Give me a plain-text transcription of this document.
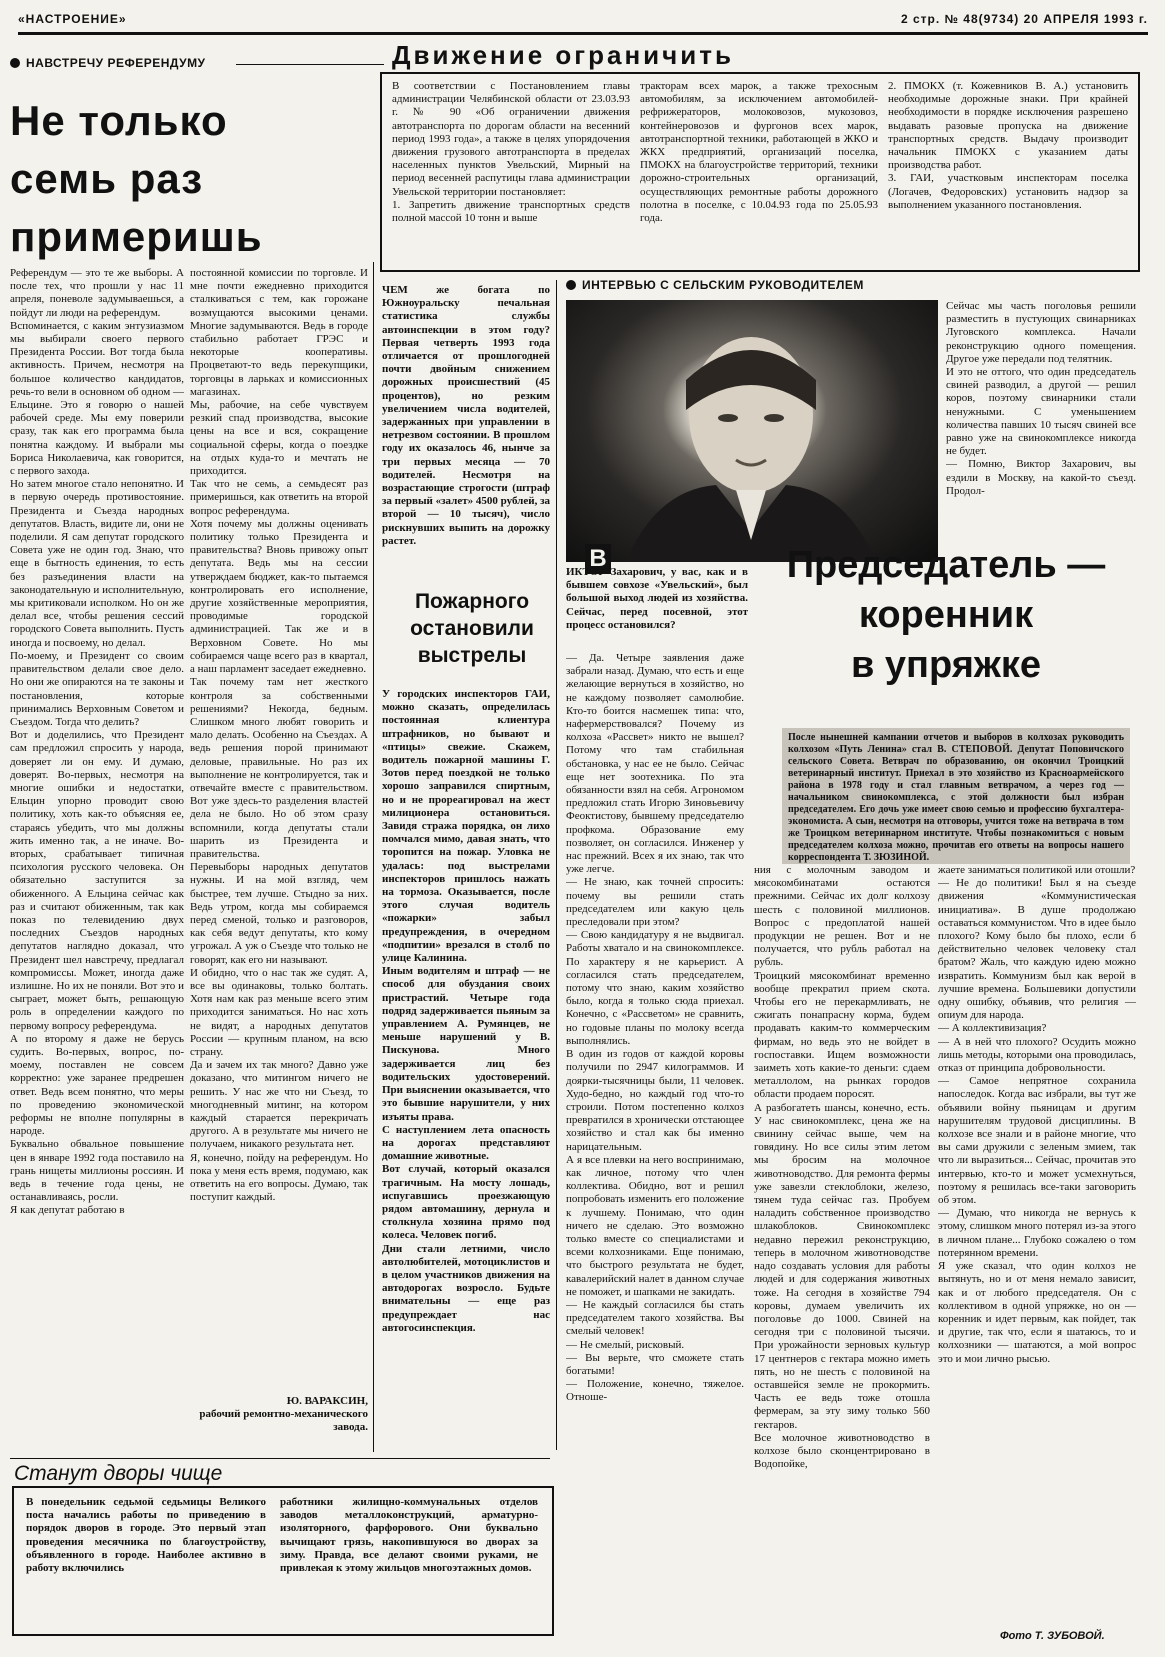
«НАСТРОЕНИЕ»	2 стр. № 48(9734) 20 АПРЕЛЯ 1993 г.
НАВСТРЕЧУ РЕФЕРЕНДУМУ
Не только
семь раз
примеришь
Референдум — это те же выборы. А после тех, что прошли у нас 11 апреля, поневоле задумываешься, а пойдут ли люди на референдум.
Вспоминается, с каким энтузиазмом мы выбирали своего первого Президента России. Вот тогда была активность. Причем, несмотря на большое количество кандидатов, речь-то вели в основном об одном — Ельцине. Это я говорю о нашей рабочей среде. Мы ему поверили сразу, так как его программа была понятна каждому. И выбрали мы Бориса Николаевича, как говорится, с первого захода.
Но затем многое стало непонятно. И в первую очередь противостояние. Президента и Съезда народных депутатов. Власть, видите ли, они не поделили. Я сам депутат городского Совета уже не один год. Знаю, что еще в бытность единения, то есть без разъединения власти на законодательную и исполнительную, мы критиковали исполком. Но он же делал все, чтобы решения сессий городского Совета выполнить. Пусть иногда и посвоему, но делал.
По-моему, и Президент со своим правительством делали свое дело. Но они же опираются на те законы и постановления, которые принимались Верховным Советом и Съездом. Тогда что делить?
Вот и доделились, что Президент сам предложил спросить у народа, доверяет ли он ему. И думаю, доверят. Во-первых, несмотря на многие ошибки и недостатки, Ельцин упорно проводит свою политику, хоть как-то объясняя ее, стараясь убедить, что мы должны жить именно так, а не иначе. Во-вторых, срабатывает типичная психология русского человека. Он обязательно заступится за обиженного. А Ельцина сейчас как раз и считают обиженным, так как показ по телевидению двух последних Съездов народных депутатов наглядно доказал, что Президент шел навстречу, предлагал компромиссы. Может, иногда даже излишне. Но их не поняли. Вот это и сыграет, может быть, решающую роль в определении каждого по первому вопросу референдума.
А по второму я даже не берусь судить. Во-первых, вопрос, по-моему, поставлен не совсем корректно: уже заранее предрешен ответ. Ведь всем понятно, что меры по проведению экономической реформы не вполне популярны в народе.
Буквально обвальное повышение цен в январе 1992 года поставило на грань нищеты миллионы россиян. И ведь в течение года цены, не останавливаясь, росли.
Я как депутат работаю в
постоянной комиссии по торговле. И мне почти ежедневно приходится сталкиваться с тем, как горожане возмущаются высокими ценами. Многие задумываются. Ведь в городе стабильно работает ГРЭС и некоторые кооперативы. Процветают-то ведь перекупщики, торговцы в ларьках и комиссионных магазинах.
Мы, рабочие, на себе чувствуем резкий спад производства, высокие цены на все и вся, сокращение социальной сферы, когда о поездке на отдых куда-то и мечтать не приходится.
Так что не семь, а семьдесят раз примеришься, как ответить на второй вопрос референдума.
Хотя почему мы должны оценивать политику только Президента и правительства? Вновь привожу опыт депутата. Ведь мы на сессии утверждаем бюджет, как-то пытаемся контролировать его исполнение, другие хозяйственные мероприятия, проводимые городской администрацией. Так же и в Верховном Совете. Но мы собираемся чаще всего раз в квартал, а наш парламент заседает ежедневно.
Так почему там нет жесткого контроля за собственными решениями? Некогда, бедным. Слишком много любят говорить и мало делать. Особенно на Съездах. А ведь решения порой принимают деловые, правильные. Но раз их выполнение не контролируется, так и отвечайте вместе с правительством. Вот уже здесь-то разделения властей дела не было. Но об этом сразу вспомнили, когда депутаты стали шарить из Президента и правительства.
Перевыборы народных депутатов нужны. И на мой взгляд, чем быстрее, тем лучше. Стыдно за них. Ведь утром, когда мы собираемся перед сменой, только и разговоров, как себя ведут депутаты, кто кому угрожал. А уж о Съезде что только не говорят, как его ни называют.
И обидно, что о нас так же судят. А, все вы одинаковы, только болтать. Хотя нам как раз меньше всего этим приходится заниматься. Но нас хоть не видят, а народных депутатов России — крупным планом, на всю страну.
Да и зачем их так много? Давно уже доказано, что митингом ничего не решить. У нас же что ни Съезд, то многодневный митинг, на котором каждый старается перекричать другого. А в результате мы ничего не получаем, никакого результата нет.
Я, конечно, пойду на референдум. Но пока у меня есть время, подумаю, как ответить на его вопросы. Думаю, так поступит каждый.
Ю. ВАРАКСИН,
рабочий ремонтно-механического завода.
Движение ограничить
В соответствии с Постановлением главы администрации Челябинской области от 23.03.93 г. № 90 «Об ограничении движения автотранспорта по дорогам области на весенний период 1993 года», а также в целях упорядочения движения грузового автотранспорта в пределах населенных пунктов Увельский, Мирный на период весенней распутицы глава администрации Увельской территории постановляет:
1. Запретить движение транспортных средств полной массой 10 тонн и выше
тракторам всех марок, а также трехосным автомобилям, за исключением автомобилей-рефрижераторов, молоковозов, мукозовоз, контейнеровозов и фургонов всех марок, автотранспортной техники, работающей в ЖКО и ЖКХ предприятий, организаций поселка, ПМОКХ на благоустройстве территорий, техники дорожно-строительных организаций, осуществляющих ремонтные работы дорожного полотна в поселке, с 10.04.93 года по 25.05.93 года.
2. ПМОКХ (т. Кожевников В. А.) установить необходимые дорожные знаки. При крайней необходимости в порядке исключения разрешено выдавать разовые пропуска на движение транспортных средств. Выдачу производит начальник ПМОКХ с указанием даты производства работ.
3. ГАИ, участковым инспекторам поселка (Логачев, Федоровских) установить надзор за выполнением указанного постановления.
ЧЕМ же богата по Южноуральску печальная статистика службы автоинспекции в этом году? Первая четверть 1993 года отличается от прошлогодней почти двойным снижением дорожных происшествий (45 процентов), но резким увеличением числа водителей, задержанных при управлении в нетрезвом состоянии. В прошлом году их оказалось 46, нынче за три первых месяца — 70 водителей. Несмотря на возрастающие строгости (штраф за первый «залет» 4500 рублей, за второй — 10 тысяч), число рискнувших выпить на дорожку растет.
Пожарного
остановили
выстрелы
У городских инспекторов ГАИ, можно сказать, определилась постоянная клиентура штрафников, но бывают и «птицы» свежие. Скажем, водитель пожарной машины Г. Зотов перед поездкой не только хорошо заправился спиртным, но и не прореагировал на жест милиционера остановиться. Завидя стража порядка, он лихо помчался мимо, давая знать, что торопится на пожар. Уловка не удалась: под выстрелами инспекторов пришлось нажать на тормоза. Оказывается, после этого случая водитель «пожарки» забыл предупреждения, в очередном «подпитии» врезался в столб по улице Калинина.
Иным водителям и штраф — не способ для обуздания своих пристрастий. Четыре года подряд задерживается пьяным за управлением А. Румянцев, не меньше нарушений у В. Пискунова. Много задерживается лиц без водительских удостоверений. При выяснении оказывается, что это бывшие нарушители, у них изъяты права.
С наступлением лета опасность на дорогах представляют домашние животные.
Вот случай, который оказался трагичным. На мосту лошадь, испугавшись проезжающую рядом автомашину, дернула и столкнула хозяина прямо под колеса. Человек погиб.
Дни стали летними, число автолюбителей, мотоциклистов и в целом участников движения на автодорогах возросло. Будьте внимательны — еще раз предупреждает нас автогосинспекция.
ИНТЕРВЬЮ С СЕЛЬСКИМ РУКОВОДИТЕЛЕМ
Сейчас мы часть поголовья решили разместить в пустующих свинарниках Луговского комплекса. Начали реконструкцию одного помещения. Другое уже передали под телятник.
И это не оттого, что один председатель свиней разводил, а другой — решил коров, поэтому свинарники стали ненужными. С уменьшением количества павших 10 тысяч свиней все равно уже на свинокомплексе никогда не будет.
— Помню, Виктор Захарович, вы ездили в Москву, на какой-то съезд. Продол-
В
ИКТОР Захарович, у вас, как и в бывшем совхозе «Увельский», был большой выход людей из хозяйства. Сейчас, перед посевной, этот процесс остановился?
Председатель —
коренник
в упряжке
После нынешней кампании отчетов и выборов в колхозах руководить колхозом «Путь Ленина» стал В. СТЕПОВОЙ. Депутат Поповичского сельского Совета. Ветврач по образованию, он окончил Троицкий ветеринарный институт. Приехал в это хозяйство из Красноармейского района в 1978 году и стал главным ветврачом, а через год — начальником свинокомплекса, с этой должности был избран председателем. Его дочь уже имеет свою семью и профессию бухгалтера-экономиста. А сын, несмотря на отговоры, учится тоже на ветврача в том же Троицком ветеринарном институте. Чтобы познакомиться с новым председателем колхоза можно, прочитав его ответы на вопросы нашего корреспондента Т. ЗЮЗИНОЙ.
— Да. Четыре заявления даже забрали назад. Думаю, что есть и еще желающие вернуться в хозяйство, но не каждому позволяет самолюбие. Кто-то боится насмешек типа: что, нафермерствовался? Почему из колхоза «Рассвет» никто не вышел? Потому что там стабильная обстановка, у нас ее не было. Сейчас еще нет зоотехника. По эта обязанности взял на себя. Агрономом предложил стать Игорю Зиновьевичу Феоктистову, бывшему председателю профкома. Образование ему позволяет, он согласился. Инженер у нас прежний. Всех я их знаю, так что уже легче.
— Не знаю, как точней спросить: почему вы решили стать председателем или какую цель преследовали при этом?
— Свою кандидатуру я не выдвигал. Работы хватало и на свинокомплексе. По характеру я не карьерист. А согласился стать председателем, потому что знаю, каким хозяйство было, когда я только сюда приехал. Конечно, с «Рассветом» не сравнить, но годовые планы по молоку всегда выполнялись.
В один из годов от каждой коровы получили по 2947 килограммов. И доярки-тысячницы были, 11 человек. Худо-бедно, но каждый год что-то строили. Потом постепенно колхоз превратился в хронически отстающее хозяйство и стал как бы именно нарицательным.
А я все плевки на него воспринимаю, как личное, потому что член коллектива. Обидно, вот и решил попробовать изменить его положение к лучшему. Понимаю, что один ничего не сделаю. Это возможно только вместе со специалистами и всеми колхозниками. Еще понимаю, что быстрого результата не будет, кавалерийский налет в данном случае не поможет, и шапками не закидать.
— Не каждый согласился бы стать председателем такого хозяйства. Вы смелый человек!
— Не смелый, рисковый.
— Вы верьте, что сможете стать богатыми!
— Положение, конечно, тяжелое. Отноше-
ния с молочным заводом и мясокомбинатами остаются прежними. Сейчас их долг колхозу шесть с половиной миллионов. Вопрос с предоплатой нашей продукции не решен. Вот и не получается, что рубль работал на рубль.
Троицкий мясокомбинат временно вообще прекратил прием скота. Чтобы его не перекармливать, не сжигать понапрасну корма, будем продавать каким-то коммерческим фирмам, но ведь это не войдет в госпоставки. Ищем возможности заиметь хоть какие-то деньги: сдаем металлолом, на рынках городов области продаем поросят.
А разбогатеть шансы, конечно, есть. У нас свинокомплекс, цена же на свинину сейчас выше, чем на говядину. Но все силы этим летом мы бросим на молочное животноводство. Для ремонта фермы уже завезли стеклоблоки, железо, тянем туда сейчас газ. Пробуем наладить собственное производство шлакоблоков. Свинокомплекс недавно пережил реконструкцию, теперь в молочном животноводстве надо создавать условия для работы людей и для содержания животных тоже. На сегодня в хозяйстве 794 коровы, думаем увеличить их поголовье до 1000. Свиней на сегодня три с половиной тысячи. При урожайности зерновых культур 17 центнеров с гектара можно иметь пять, но не шесть с половиной на оставшейся земле не прокормить. Часть ее ведь тоже отошла фермерам, за эту зиму только 560 гектаров.
Все молочное животноводство в колхозе было сконцентрировано в Водопойке,
жаете заниматься политикой или отошли?
— Не до политики! Был я на съезде движения «Коммунистическая инициатива». В душе продолжаю оставаться коммунистом. Что в идее было плохого? Кому было бы плохо, если б действительно человек человеку стал братом? Жаль, что каждую идею можно извратить. Коммунизм был как верой в лучшие времена. Большевики допустили одну ошибку, объявив, что религия — опиум для народа.
— А коллективизация?
— А в ней что плохого? Осудить можно лишь методы, которыми она проводилась, отказ от принципа добровольности.
— Самое непрятное сохранила напоследок. Когда вас избрали, вы тут же объявили войну пьяницам и другим нарушителям трудовой дисциплины. В колхозе все знали и в районе многие, что вы сами дружили с зеленым змием, так что ли выразиться... Сейчас, прочитав это интервью, кто-то и может усмехнуться, поэтому я решилась все-таки заговорить об этом.
— Думаю, что никогда не вернусь к этому, слишком много потерял из-за этого в личном плане... Глубоко сожалею о том потерянном времени.
Я уже сказал, что один колхоз не вытянуть, но и от меня немало зависит, как и от любого председателя. Он с коллективом в одной упряжке, но он — коренник и идет первым, как пойдет, так и другие, так что, если я шатаюсь, то и колхозники — шатаются, а мой вопрос это и мои лично рысью.
Фото Т. ЗУБОВОЙ.
Станут дворы чище
В понедельник седьмой седьмицы Великого поста начались работы по приведению в порядок дворов в городе. Это первый этап проведения месячника по благоустройству, объявленного в городе. Наиболее активно в работу включились
работники жилищно-коммунальных отделов заводов металлоконструкций, арматурно-изоляторного, фарфорового. Они буквально вычищают грязь, накопившуюся во дворах за зиму. Правда, все делают своими руками, не привлекая к этому жильцов многоэтажных домов.
